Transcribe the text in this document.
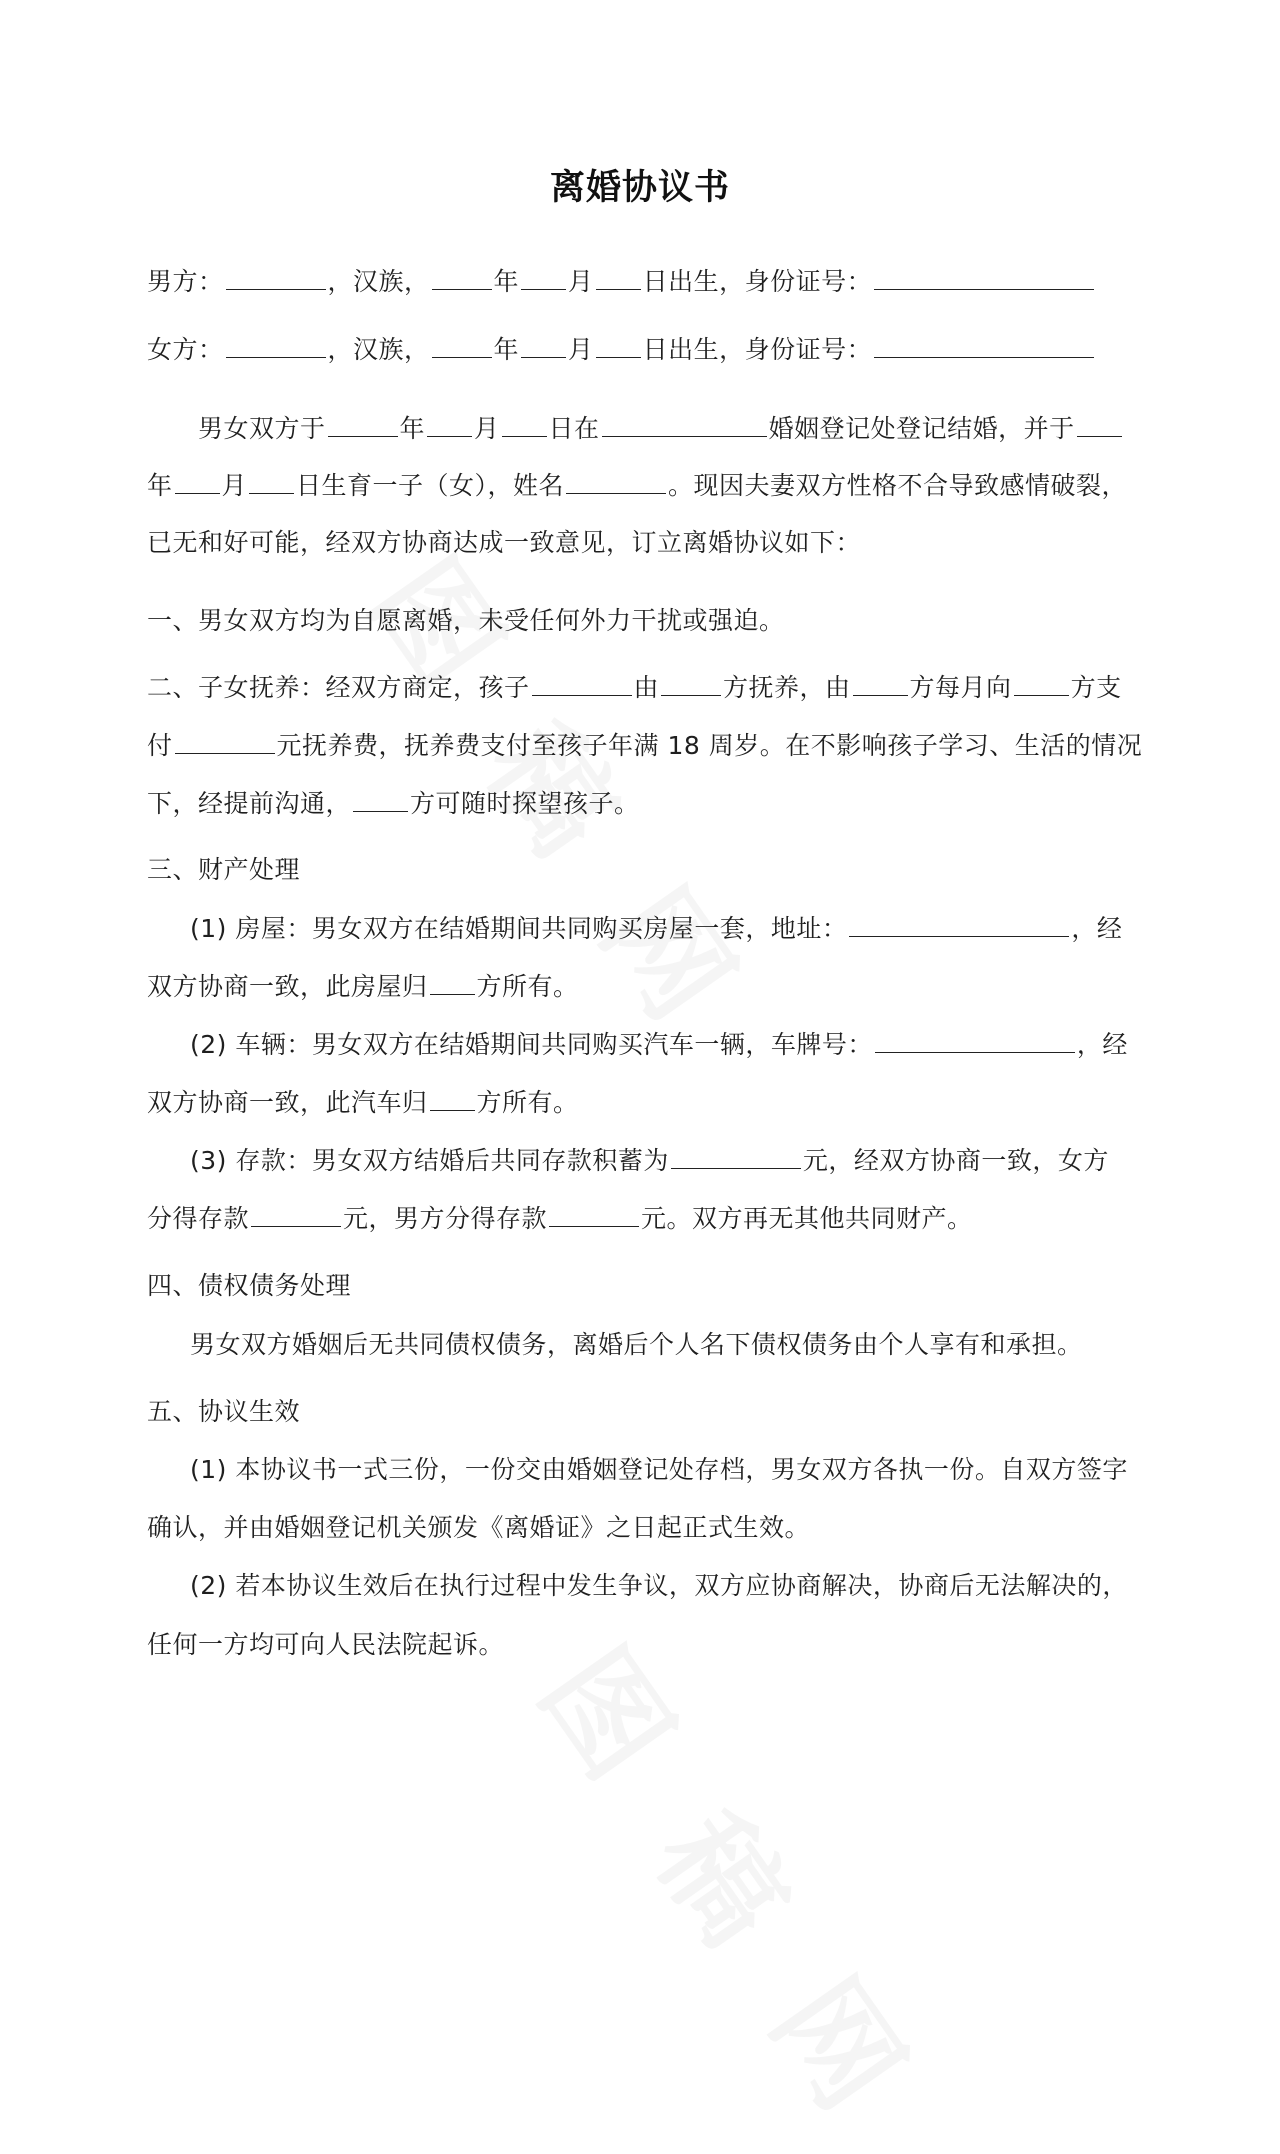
离婚协议书
男方：	，汉族，	年 月 日出生，身份证号：
女方：	，汉族，	年 月 日出生，身份证号：
男女双方于	年 月 日在	婚姻登记处登记结婚，并于
年 月 日生育一子（女），姓名	。现因夫妻双方性格不合导致感情破裂，
已无和好可能，经双方协商达成一致意见，订立离婚协议如下：
一、男女双方均为自愿离婚，未受任何外力干扰或强迫。
二、子女抚养：经双方商定，孩子	由	方抚养，由 方每月向 方支
付	元抚养费，抚养费支付至孩子年满 18 周岁。在不影响孩子学习、生活的情况
下，经提前沟通， 方可随时探望孩子。
三、财产处理
(1) 房屋：男女双方在结婚期间共同购买房屋一套，地址：	，经
双方协商一致，此房屋归 方所有。
(2) 车辆：男女双方在结婚期间共同购买汽车一辆，车牌号：	，经
双方协商一致，此汽车归 方所有。
(3) 存款：男女双方结婚后共同存款积蓄为	元，经双方协商一致，女方
分得存款	元，男方分得存款	元。双方再无其他共同财产。
四、债权债务处理
男女双方婚姻后无共同债权债务，离婚后个人名下债权债务由个人享有和承担。
五、协议生效
(1) 本协议书一式三份，一份交由婚姻登记处存档，男女双方各执一份。自双方签字
确认，并由婚姻登记机关颁发《离婚证》之日起正式生效。
(2) 若本协议生效后在执行过程中发生争议，双方应协商解决，协商后无法解决的，
任何一方均可向人民法院起诉。
